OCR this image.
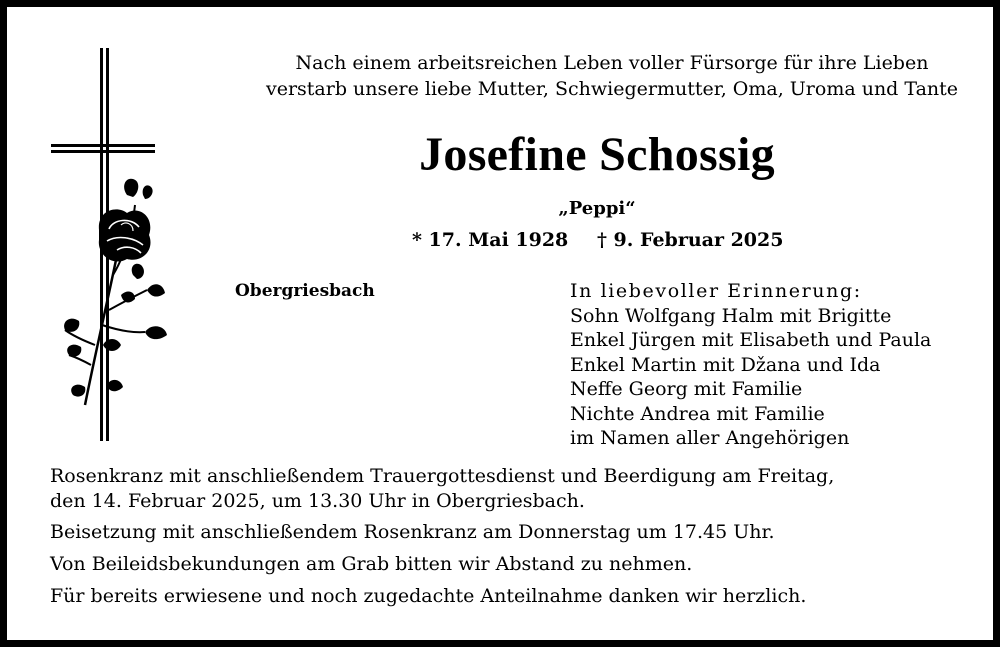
Nach einem arbeitsreichen Leben voller Fürsorge für ihre Lieben
verstarb unsere liebe Mutter, Schwiegermutter, Oma, Uroma und Tante
Josefine Schossig
„Peppi“
* 17. Mai 1928 † 9. Februar 2025
Obergriesbach	In liebevoller Erinnerung:
Sohn Wolfgang Halm mit Brigitte
Enkel Jürgen mit Elisabeth und Paula
Enkel Martin mit Džana und Ida
Neffe Georg mit Familie
Nichte Andrea mit Familie
im Namen aller Angehörigen
Rosenkranz mit anschließendem Trauergottesdienst und Beerdigung am Freitag,
den 14. Februar 2025, um 13.30 Uhr in Obergriesbach.
Beisetzung mit anschließendem Rosenkranz am Donnerstag um 17.45 Uhr.
Von Beileidsbekundungen am Grab bitten wir Abstand zu nehmen.
Für bereits erwiesene und noch zugedachte Anteilnahme danken wir herzlich.
